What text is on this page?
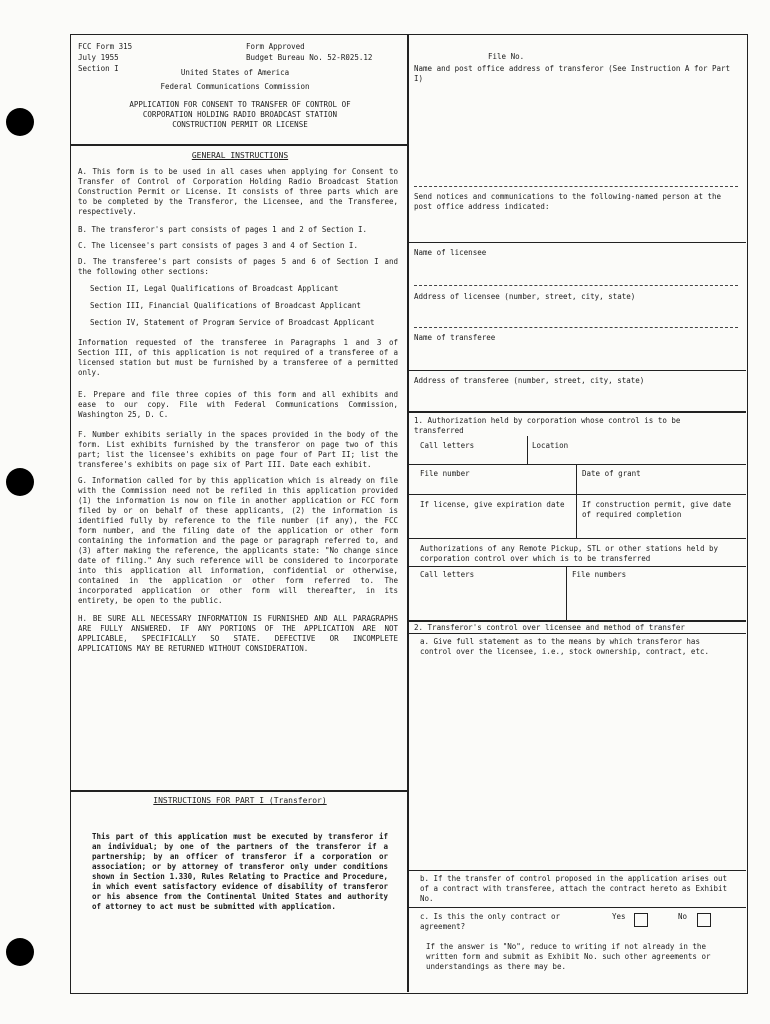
FCC Form 315
July 1955
Section I
Form Approved
Budget Bureau No. 52-R025.12
United States of America
Federal Communications Commission
APPLICATION FOR CONSENT TO TRANSFER OF CONTROL OF
CORPORATION HOLDING RADIO BROADCAST STATION
CONSTRUCTION PERMIT OR LICENSE
GENERAL INSTRUCTIONS

A. This form is to be used in all cases when applying for Consent to Transfer of Control of Corporation Holding Radio Broadcast Station Construction Permit or License. It consists of three parts which are to be completed by the Transferor, the Licensee, and the Transferee, respectively.

B. The transferor's part consists of pages 1 and 2 of Section I.

C. The licensee's part consists of pages 3 and 4 of Section I.

D. The transferee's part consists of pages 5 and 6 of Section I and the following other sections:

Section II, Legal Qualifications of Broadcast Applicant

Section III, Financial Qualifications of Broadcast Applicant

Section IV, Statement of Program Service of Broadcast Applicant

Information requested of the transferee in Paragraphs 1 and 3 of Section III, of this application is not required of a transferee of a licensed station but must be furnished by a transferee of a permitted only.

E. Prepare and file three copies of this form and all exhibits and ease to our copy. File with Federal Communications Commission, Washington 25, D. C.

F. Number exhibits serially in the spaces provided in the body of the form. List exhibits furnished by the transferor on page two of this part; list the licensee's exhibits on page four of Part II; list the transferee's exhibits on page six of Part III. Date each exhibit.

G. Information called for by this application which is already on file with the Commission need not be refiled in this application provided (1) the information is now on file in another application or FCC form filed by or on behalf of these applicants, (2) the information is identified fully by reference to the file number (if any), the FCC form number, and the filing date of the application or other form containing the information and the page or paragraph referred to, and (3) after making the reference, the applicants state: "No change since date of filing." Any such reference will be considered to incorporate into this application all information, confidential or otherwise, contained in the application or other form referred to. The incorporated application or other form will thereafter, in its entirety, be open to the public.

H. BE SURE ALL NECESSARY INFORMATION IS FURNISHED AND ALL PARAGRAPHS ARE FULLY ANSWERED. IF ANY PORTIONS OF THE APPLICATION ARE NOT APPLICABLE, SPECIFICALLY SO STATE. DEFECTIVE OR INCOMPLETE APPLICATIONS MAY BE RETURNED WITHOUT CONSIDERATION.

INSTRUCTIONS FOR PART I (Transferor)
This part of this application must be executed by transferor if an individual; by one of the partners of the transferor if a partnership; by an officer of transferor if a corporation or association; or by attorney of transferor only under conditions shown in Section 1.330, Rules Relating to Practice and Procedure, in which event satisfactory evidence of disability of transferor or his absence from the Continental United States and authority of attorney to act must be submitted with application.
File No.
Name and post office address of transferor (See Instruction A for Part I)
Send notices and communications to the following-named person at the post office address indicated:
Name of licensee
Address of licensee (number, street, city, state)
Name of transferee
Address of transferee (number, street, city, state)
1. Authorization held by corporation whose control is to be transferred
Call letters	Location
File number	Date of grant
If license, give expiration date	If construction permit, give date of required completion
Authorizations of any Remote Pickup, STL or other stations held by corporation control over which is to be transferred
Call letters	File numbers
2. Transferor's control over licensee and method of transfer
a. Give full statement as to the means by which transferor has control over the licensee, i.e., stock ownership, contract, etc.
b. If the transfer of control proposed in the application arises out of a contract with transferee, attach the contract hereto as Exhibit No.
c. Is this the only contract or agreement?
Yes	No
If the answer is "No", reduce to writing if not already in the written form and submit as Exhibit No. such other agreements or understandings as there may be.
